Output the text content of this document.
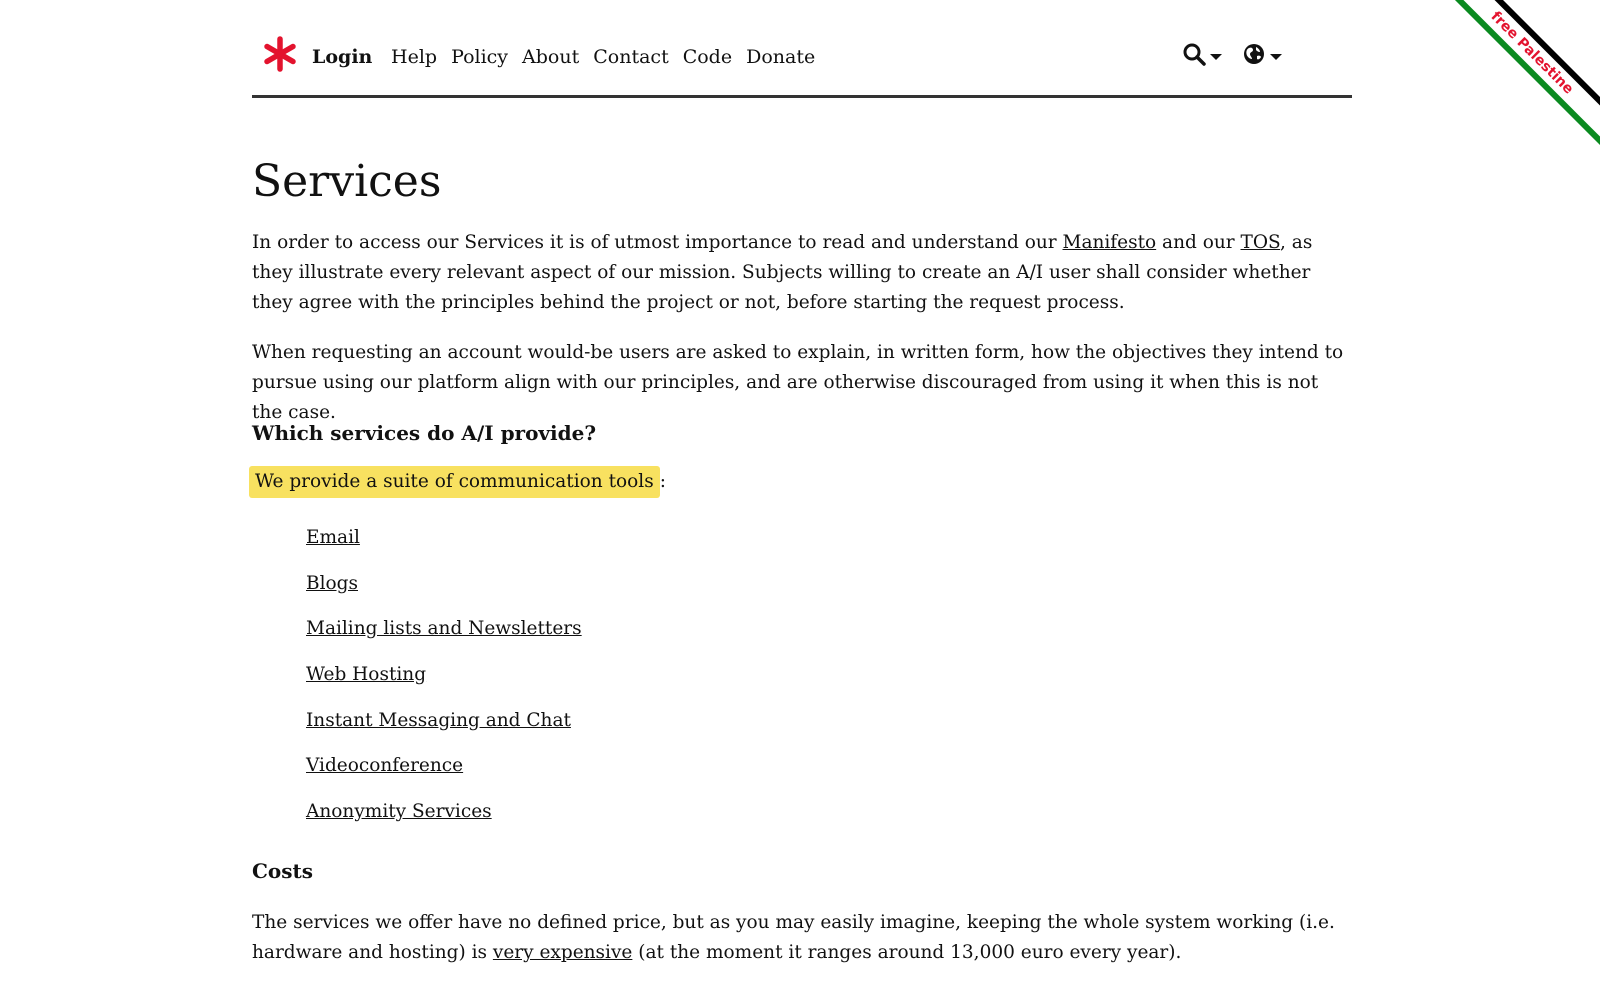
free Palestine
Login Help Policy About Contact Code Donate
Services

In order to access our Services it is of utmost importance to read and understand our Manifesto and our TOS, as they illustrate every relevant aspect of our mission. Subjects willing to create an A/I user shall consider whether they agree with the principles behind the project or not, before starting the request process.

When requesting an account would-be users are asked to explain, in written form, how the objectives they intend to pursue using our platform align with our principles, and are otherwise discouraged from using it when this is not the case.

Which services do A/I provide?
We provide a suite of communication tools :
Email
Blogs
Mailing lists and Newsletters
Web Hosting
Instant Messaging and Chat
Videoconference
Anonymity Services
Costs

The services we offer have no defined price, but as you may easily imagine, keeping the whole system working (i.e. hardware and hosting) is very expensive (at the moment it ranges around 13,000 euro every year).
